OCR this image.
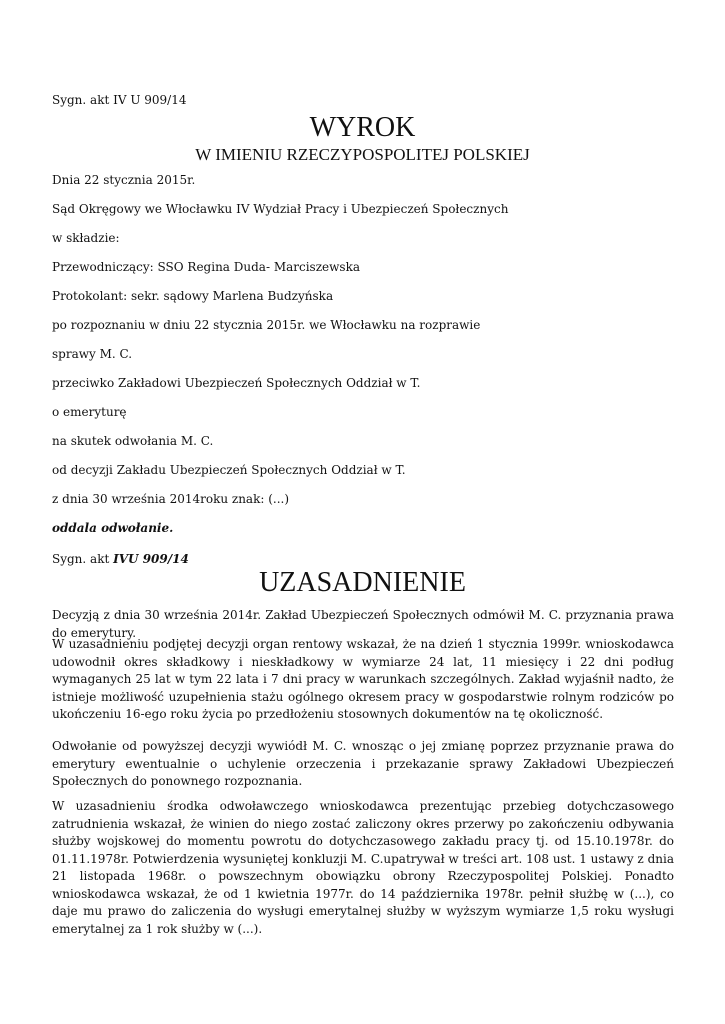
Sygn. akt IV U 909/14

WYROK
W IMIENIU RZECZYPOSPOLITEJ POLSKIEJ

Dnia 22 stycznia 2015r.

Sąd Okręgowy we Włocławku IV Wydział Pracy i Ubezpieczeń Społecznych

w składzie:

Przewodniczący: SSO Regina Duda- Marciszewska

Protokolant: sekr. sądowy Marlena Budzyńska

po rozpoznaniu w dniu 22 stycznia 2015r. we Włocławku na rozprawie

sprawy M. C.

przeciwko Zakładowi Ubezpieczeń Społecznych Oddział w T.

o emeryturę

na skutek odwołania M. C.

od decyzji Zakładu Ubezpieczeń Społecznych Oddział w T.

z dnia 30 września 2014roku znak: (...)

oddala odwołanie.

Sygn. akt IVU 909/14

UZASADNIENIE

Decyzją z dnia 30 września 2014r. Zakład Ubezpieczeń Społecznych odmówił M. C. przyznania prawa do emerytury.

W uzasadnieniu podjętej decyzji organ rentowy wskazał, że na dzień 1 stycznia 1999r. wnioskodawca udowodnił okres składkowy i nieskładkowy w wymiarze 24 lat, 11 miesięcy i 22 dni podług wymaganych 25 lat w tym 22 lata i 7 dni pracy w warunkach szczególnych. Zakład wyjaśnił nadto, że istnieje możliwość uzupełnienia stażu ogólnego okresem pracy w gospodarstwie rolnym rodziców po ukończeniu 16-ego roku życia po przedłożeniu stosownych dokumentów na tę okoliczność.

Odwołanie od powyższej decyzji wywiódł M. C. wnosząc o jej zmianę poprzez przyznanie prawa do emerytury ewentualnie o uchylenie orzeczenia i przekazanie sprawy Zakładowi Ubezpieczeń Społecznych do ponownego rozpoznania.

W uzasadnieniu środka odwoławczego wnioskodawca prezentując przebieg dotychczasowego zatrudnienia wskazał, że winien do niego zostać zaliczony okres przerwy po zakończeniu odbywania służby wojskowej do momentu powrotu do dotychczasowego zakładu pracy tj. od 15.10.1978r. do 01.11.1978r. Potwierdzenia wysuniętej konkluzji M. C.upatrywał w treści art. 108 ust. 1 ustawy z dnia 21 listopada 1968r. o powszechnym obowiązku obrony Rzeczypospolitej Polskiej. Ponadto wnioskodawca wskazał, że od 1 kwietnia 1977r. do 14 października 1978r. pełnił służbę w (...), co daje mu prawo do zaliczenia do wysługi emerytalnej służby w wyższym wymiarze 1,5 roku wysługi emerytalnej za 1 rok służby w (...).
